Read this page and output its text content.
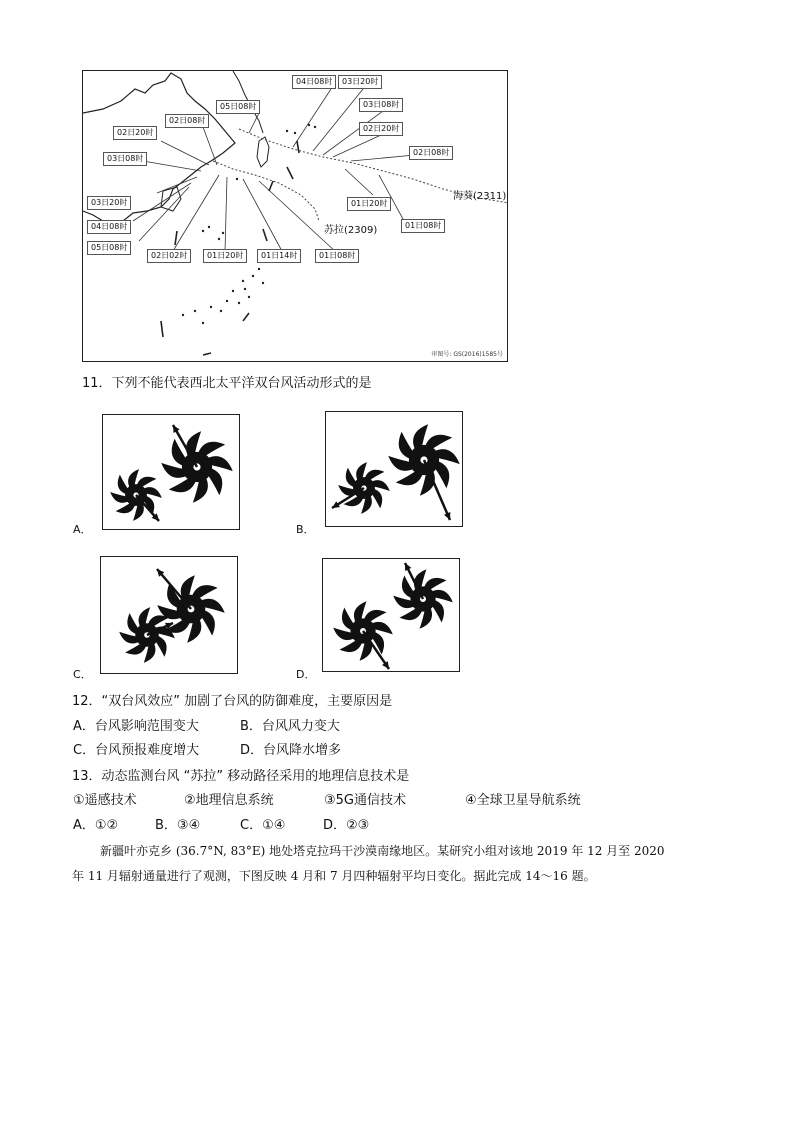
04日08时	03日20时
05日08时	03日08时
02日08时
02日20时	02日20时
03日08时
02日08时
03日20时	01日20时
04日08时	01日08时
05日08时
02日02时	01日20时	01日14时	01日08时
海葵(2311)
苏拉(2309)
审图号: GS(2016)1585号
11．下列不能代表西北太平洋双台风活动形式的是
A．	B．
C．	D．
12．“双台风效应” 加剧了台风的防御难度，主要原因是
A．台风影响范围变大	B．台风风力变大
C．台风预报难度增大	D．台风降水增多
13．动态监测台风 “苏拉” 移动路径采用的地理信息技术是
①遥感技术	②地理信息系统	③5G通信技术	④全球卫星导航系统
A．①②	B．③④	C．①④	D．②③
新疆叶亦克乡 (36.7°N, 83°E) 地处塔克拉玛干沙漠南缘地区。某研究小组对该地 2019 年 12 月至 2020
年 11 月辐射通量进行了观测，下图反映 4 月和 7 月四种辐射平均日变化。据此完成 14～16 题。
